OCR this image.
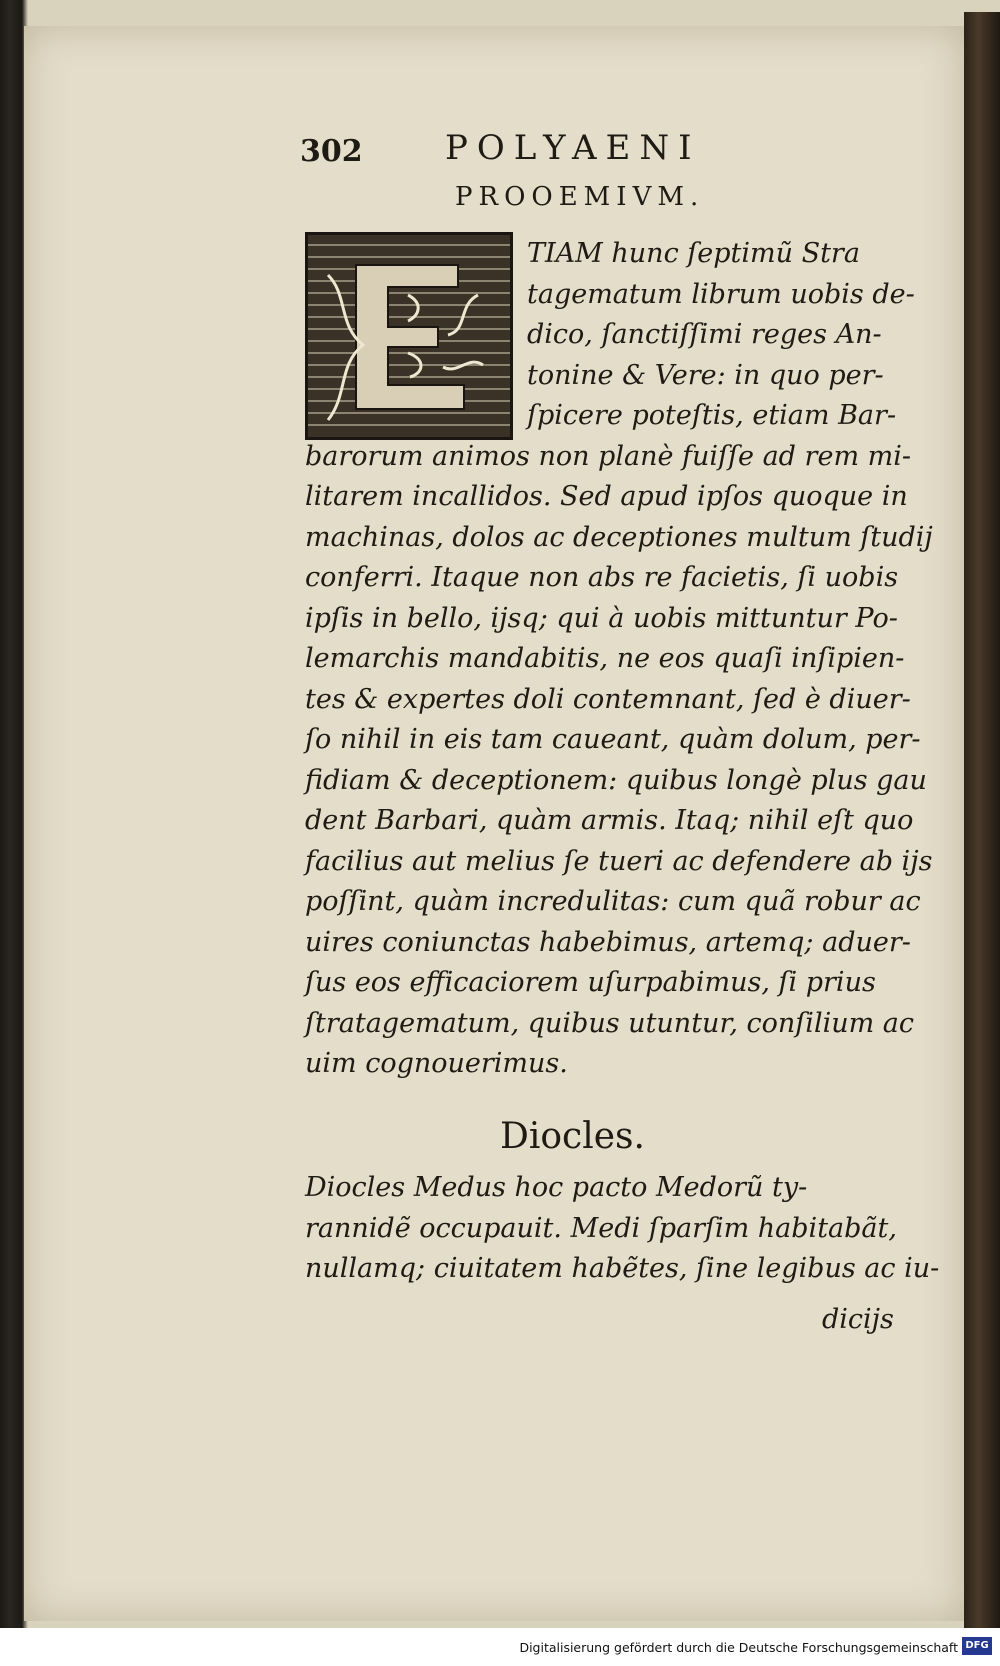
302 POLYAENI
PROOEMIVM.
TIAM hunc ſeptimũ Stra
tagematum librum uobis de-
dico, ſanctiſſimi reges An-
tonine & Vere: in quo per-
ſpicere poteſtis, etiam Bar-
barorum animos non planè fuiſſe ad rem mi-
litarem incallidos. Sed apud ipſos quoque in
machinas, dolos ac deceptiones multum ſtudij
conferri. Itaque non abs re facietis, ſi uobis
ipſis in bello, ijsq; qui à uobis mittuntur Po-
lemarchis mandabitis, ne eos quaſi inſipien-
tes & expertes doli contemnant, ſed è diuer-
ſo nihil in eis tam caueant, quàm dolum, per-
fidiam & deceptionem: quibus longè plus gau
dent Barbari, quàm armis. Itaq; nihil eſt quo
facilius aut melius ſe tueri ac defendere ab ijs
poſſint, quàm incredulitas: cum quã robur ac
uires coniunctas habebimus, artemq; aduer-
ſus eos efficaciorem uſurpabimus, ſi prius
ſtratagematum, quibus utuntur, conſilium ac
uim cognouerimus.
Diocles.
Diocles Medus hoc pacto Medorũ ty-
rannidẽ occupauit. Medi ſparſim habitabãt,
nullamq; ciuitatem habẽtes, ſine legibus ac iu-
dicijs
Digitalisierung gefördert durch die Deutsche Forschungsgemeinschaft DFG
